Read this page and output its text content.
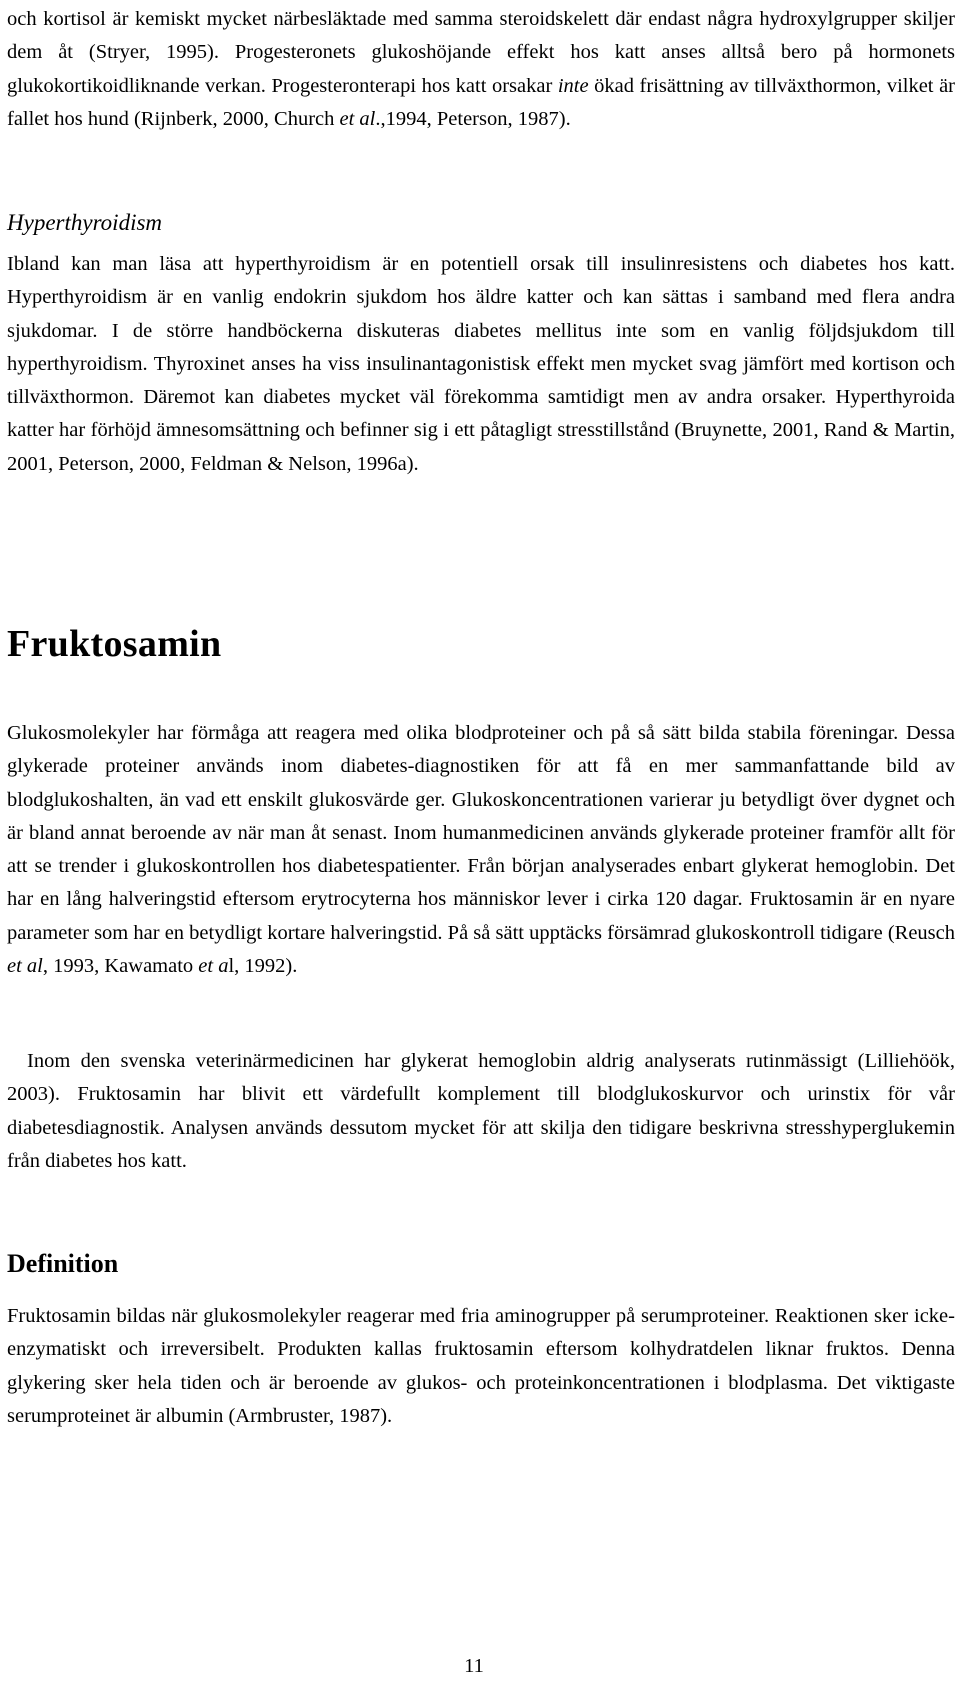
och kortisol är kemiskt mycket närbesläktade med samma steroidskelett där endast några hydroxylgrupper skiljer dem åt (Stryer, 1995). Progesteronets glukoshöjande effekt hos katt anses alltså bero på hormonets glukokortikoidliknande verkan. Progesteronterapi hos katt orsakar inte ökad frisättning av tillväxthormon, vilket är fallet hos hund (Rijnberk, 2000, Church et al.,1994, Peterson, 1987).

Hyperthyroidism

Ibland kan man läsa att hyperthyroidism är en potentiell orsak till insulinresistens och diabetes hos katt. Hyperthyroidism är en vanlig endokrin sjukdom hos äldre katter och kan sättas i samband med flera andra sjukdomar. I de större handböckerna diskuteras diabetes mellitus inte som en vanlig följdsjukdom till hyperthyroidism. Thyroxinet anses ha viss insulinantagonistisk effekt men mycket svag jämfört med kortison och tillväxthormon. Däremot kan diabetes mycket väl förekomma samtidigt men av andra orsaker. Hyperthyroida katter har förhöjd ämnesomsättning och befinner sig i ett påtagligt stresstillstånd (Bruynette, 2001, Rand & Martin, 2001, Peterson, 2000, Feldman & Nelson, 1996a).

Fruktosamin

Glukosmolekyler har förmåga att reagera med olika blodproteiner och på så sätt bilda stabila föreningar. Dessa glykerade proteiner används inom diabetes-diagnostiken för att få en mer sammanfattande bild av blodglukoshalten, än vad ett enskilt glukosvärde ger. Glukoskoncentrationen varierar ju betydligt över dygnet och är bland annat beroende av när man åt senast. Inom humanmedicinen används glykerade proteiner framför allt för att se trender i glukoskontrollen hos diabetespatienter. Från början analyserades enbart glykerat hemoglobin. Det har en lång halveringstid eftersom erytrocyterna hos människor lever i cirka 120 dagar. Fruktosamin är en nyare parameter som har en betydligt kortare halveringstid. På så sätt upptäcks försämrad glukoskontroll tidigare (Reusch et al, 1993, Kawamato et al, 1992).

Inom den svenska veterinärmedicinen har glykerat hemoglobin aldrig analyserats rutinmässigt (Lilliehöök, 2003). Fruktosamin har blivit ett värdefullt komplement till blodglukoskurvor och urinstix för vår diabetesdiagnostik. Analysen används dessutom mycket för att skilja den tidigare beskrivna stresshyperglukemin från diabetes hos katt.

Definition

Fruktosamin bildas när glukosmolekyler reagerar med fria aminogrupper på serumproteiner. Reaktionen sker icke-enzymatiskt och irreversibelt. Produkten kallas fruktosamin eftersom kolhydratdelen liknar fruktos. Denna glykering sker hela tiden och är beroende av glukos- och proteinkoncentrationen i blodplasma. Det viktigaste serumproteinet är albumin (Armbruster, 1987).

11
